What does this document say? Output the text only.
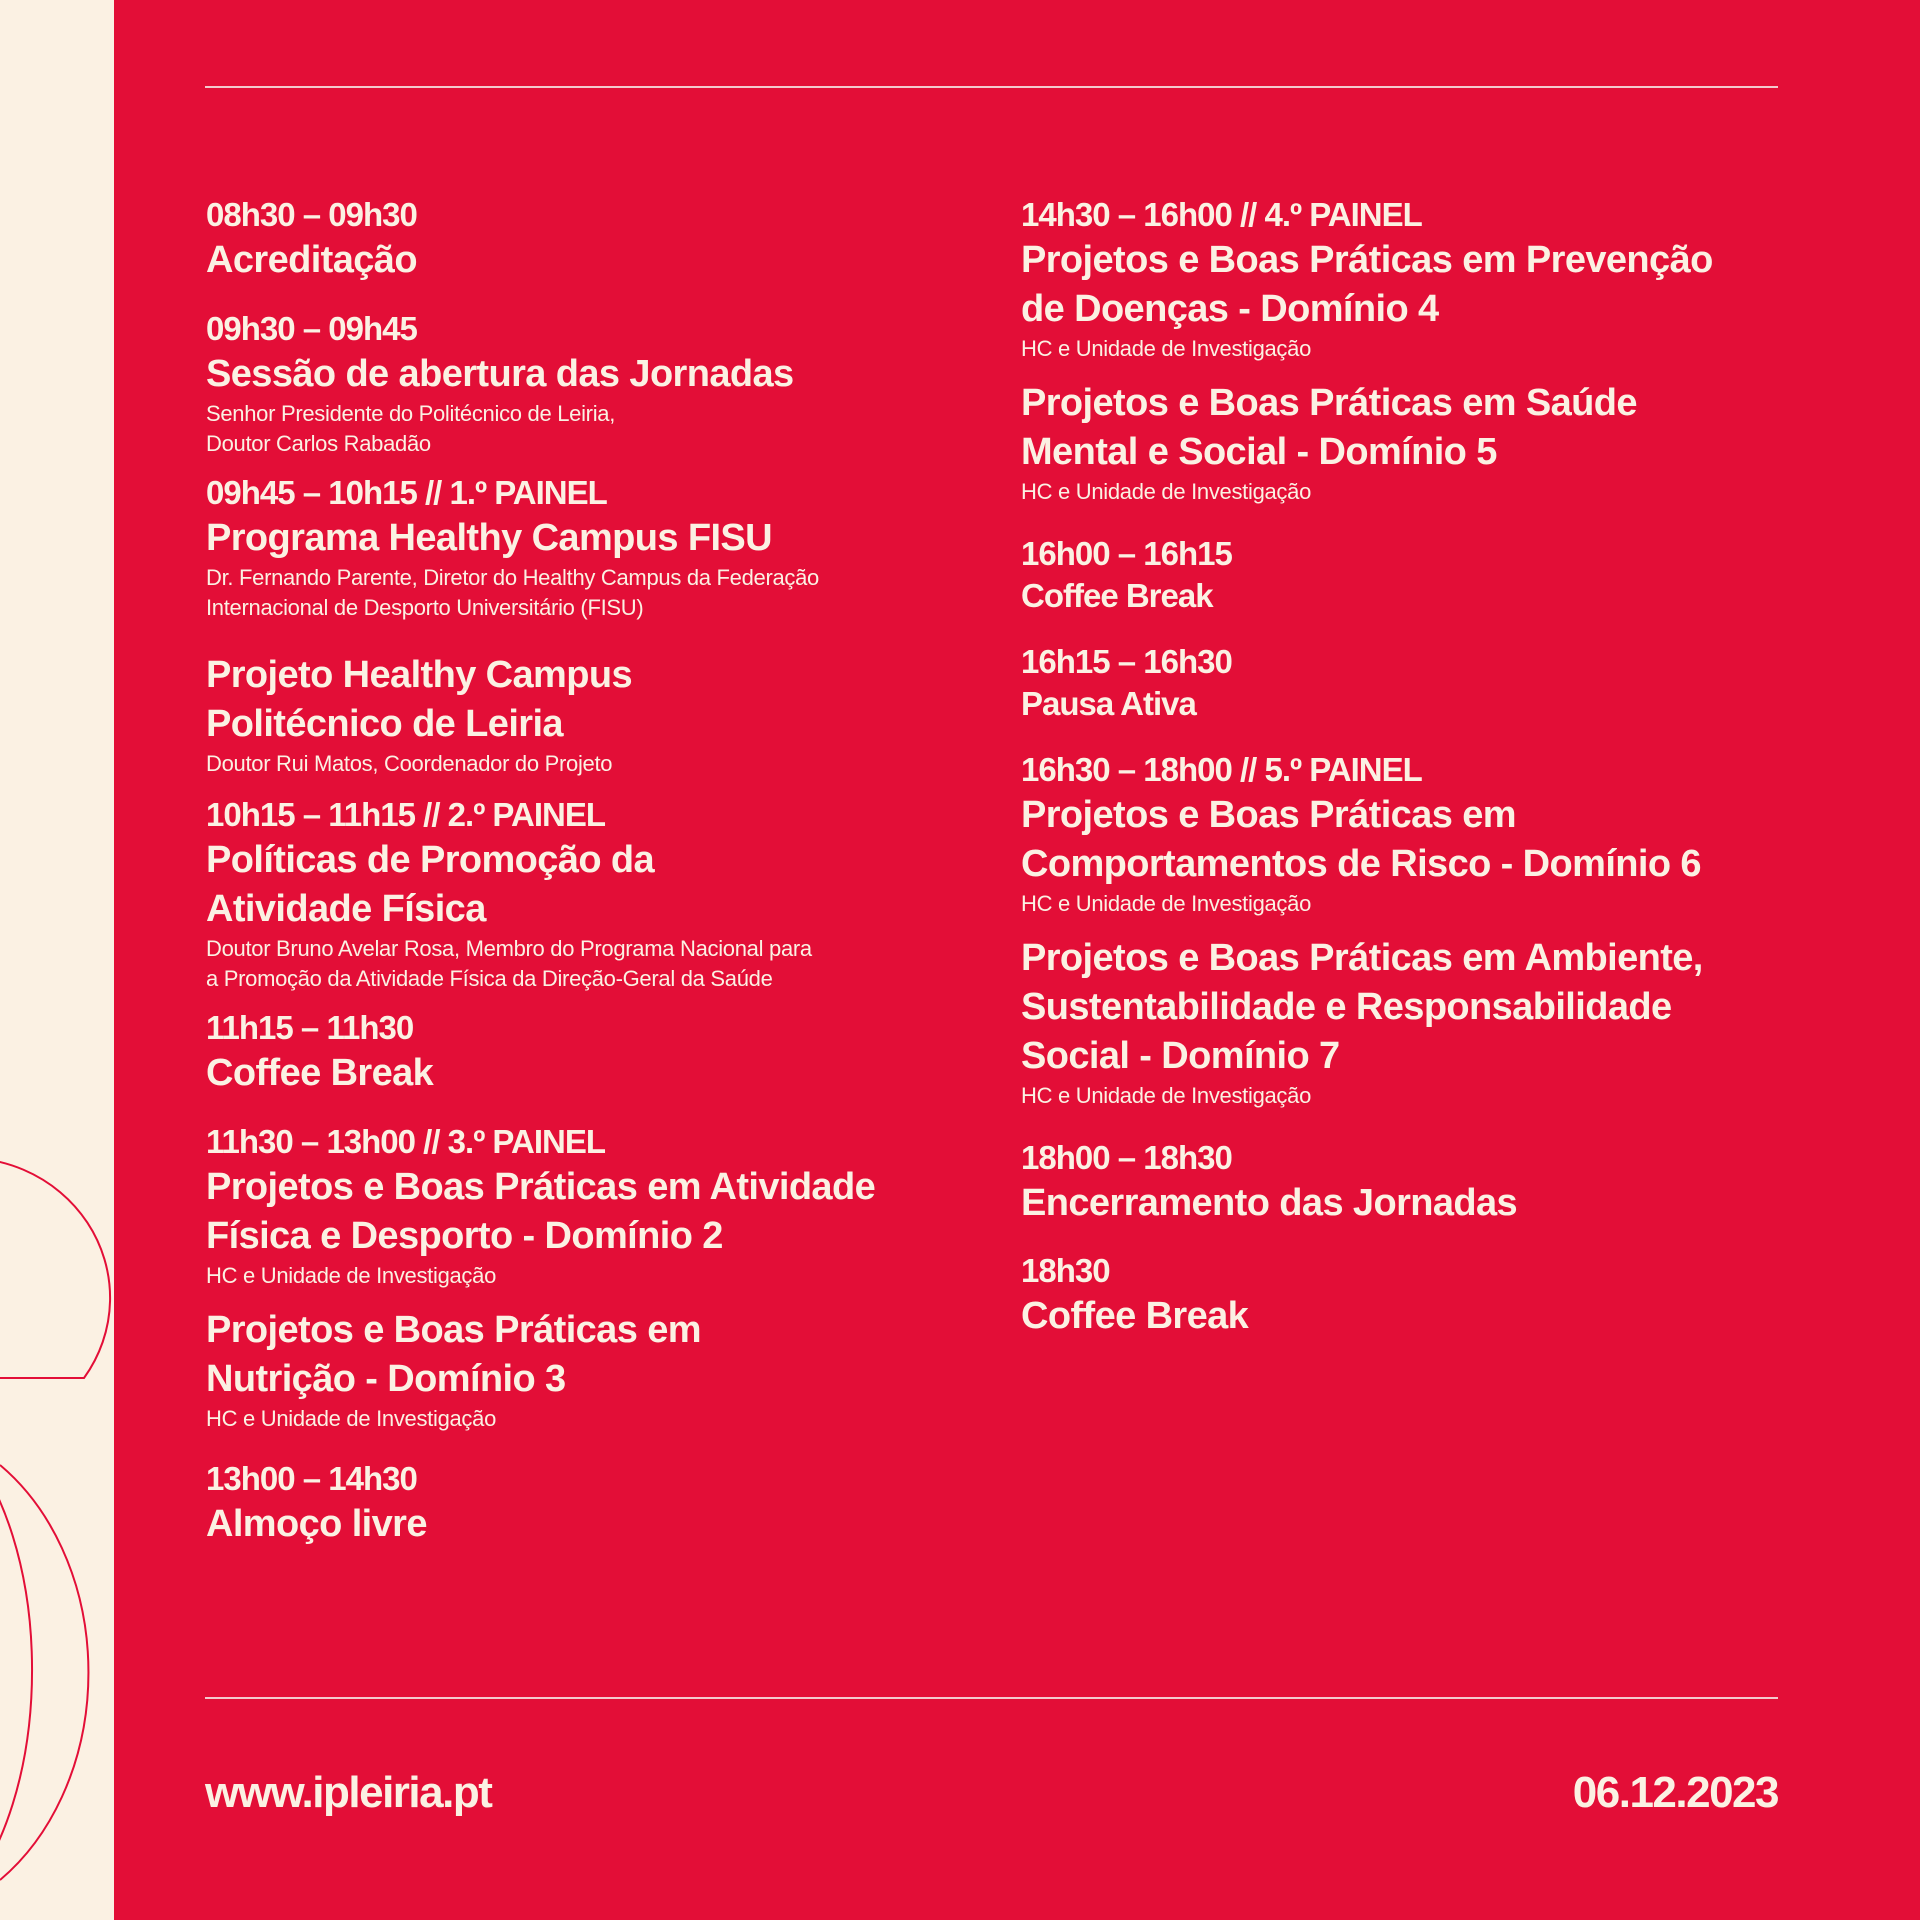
08h30 – 09h30
Acreditação
09h30 – 09h45
Sessão de abertura das Jornadas
Senhor Presidente do Politécnico de Leiria,
Doutor Carlos Rabadão
09h45 – 10h15 // 1.º PAINEL
Programa Healthy Campus FISU
Dr. Fernando Parente, Diretor do Healthy Campus da Federação
Internacional de Desporto Universitário (FISU)
Projeto Healthy Campus
Politécnico de Leiria
Doutor Rui Matos, Coordenador do Projeto
10h15 – 11h15 // 2.º PAINEL
Políticas de Promoção da
Atividade Física
Doutor Bruno Avelar Rosa, Membro do Programa Nacional para
a Promoção da Atividade Física da Direção-Geral da Saúde
11h15 – 11h30
Coffee Break
11h30 – 13h00 // 3.º PAINEL
Projetos e Boas Práticas em Atividade
Física e Desporto - Domínio 2
HC e Unidade de Investigação
Projetos e Boas Práticas em
Nutrição - Domínio 3
HC e Unidade de Investigação
13h00 – 14h30
Almoço livre
14h30 – 16h00 // 4.º PAINEL
Projetos e Boas Práticas em Prevenção
de Doenças - Domínio 4
HC e Unidade de Investigação
Projetos e Boas Práticas em Saúde
Mental e Social - Domínio 5
HC e Unidade de Investigação
16h00 – 16h15
Coffee Break
16h15 – 16h30
Pausa Ativa
16h30 – 18h00 // 5.º PAINEL
Projetos e Boas Práticas em
Comportamentos de Risco - Domínio 6
HC e Unidade de Investigação
Projetos e Boas Práticas em Ambiente,
Sustentabilidade e Responsabilidade
Social - Domínio 7
HC e Unidade de Investigação
18h00 – 18h30
Encerramento das Jornadas
18h30
Coffee Break
www.ipleiria.pt	06.12.2023
